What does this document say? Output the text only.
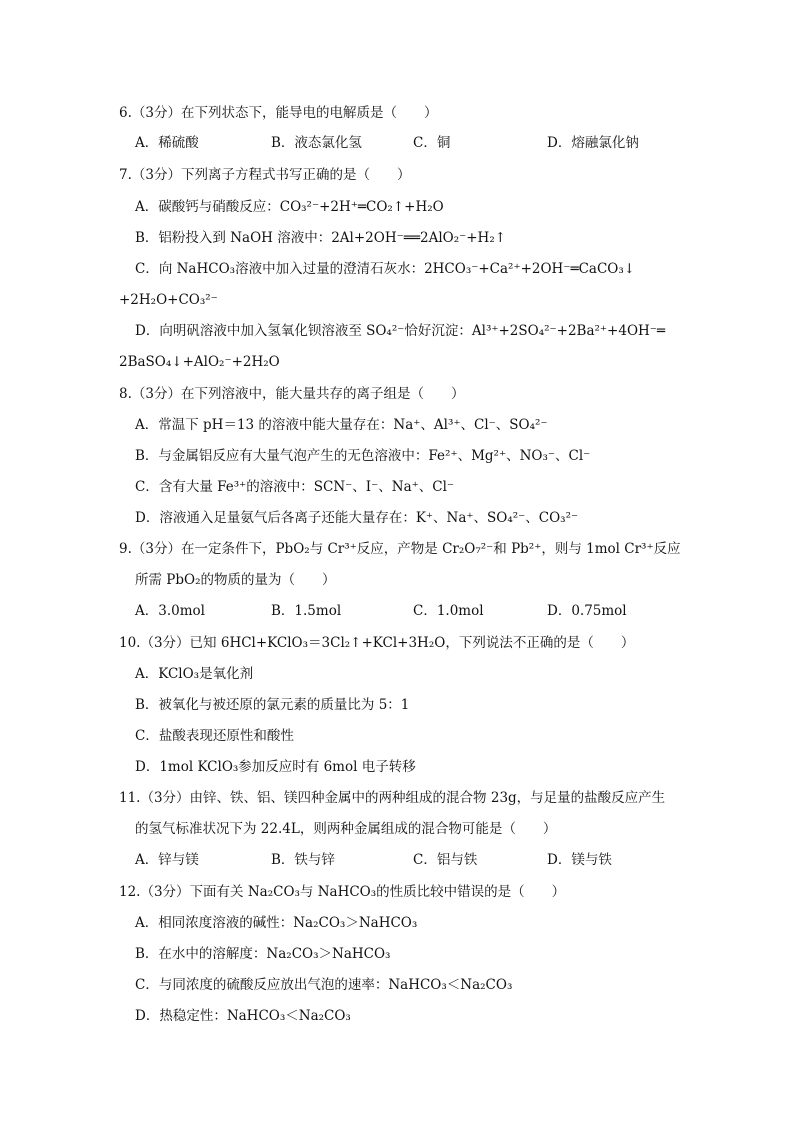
6.（3分）在下列状态下，能导电的电解质是（　　）
A．稀硫酸	B．液态氯化氢	C．铜	D．熔融氯化钠
7.（3分）下列离子方程式书写正确的是（　　）
A．碳酸钙与硝酸反应：CO₃²⁻+2H⁺═CO₂↑+H₂O
B．铝粉投入到 NaOH 溶液中：2Al+2OH⁻══2AlO₂⁻+H₂↑
C．向 NaHCO₃溶液中加入过量的澄清石灰水：2HCO₃⁻+Ca²⁺+2OH⁻═CaCO₃↓
+2H₂O+CO₃²⁻
D．向明矾溶液中加入氢氧化钡溶液至 SO₄²⁻恰好沉淀：Al³⁺+2SO₄²⁻+2Ba²⁺+4OH⁻═
2BaSO₄↓+AlO₂⁻+2H₂O
8.（3分）在下列溶液中，能大量共存的离子组是（　　）
A．常温下 pH＝13 的溶液中能大量存在：Na⁺、Al³⁺、Cl⁻、SO₄²⁻
B．与金属铝反应有大量气泡产生的无色溶液中：Fe²⁺、Mg²⁺、NO₃⁻、Cl⁻
C．含有大量 Fe³⁺的溶液中：SCN⁻、I⁻、Na⁺、Cl⁻
D．溶液通入足量氨气后各离子还能大量存在：K⁺、Na⁺、SO₄²⁻、CO₃²⁻
9.（3分）在一定条件下，PbO₂与 Cr³⁺反应，产物是 Cr₂O₇²⁻和 Pb²⁺，则与 1mol Cr³⁺反应
所需 PbO₂的物质的量为（　　）
A．3.0mol	B．1.5mol	C．1.0mol	D．0.75mol
10.（3分）已知 6HCl+KClO₃＝3Cl₂↑+KCl+3H₂O，下列说法不正确的是（　　）
A．KClO₃是氧化剂
B．被氧化与被还原的氯元素的质量比为 5：1
C．盐酸表现还原性和酸性
D．1mol KClO₃参加反应时有 6mol 电子转移
11.（3分）由锌、铁、铝、镁四种金属中的两种组成的混合物 23g，与足量的盐酸反应产生
的氢气标准状况下为 22.4L，则两种金属组成的混合物可能是（　　）
A．锌与镁	B．铁与锌	C．铝与铁	D．镁与铁
12.（3分）下面有关 Na₂CO₃与 NaHCO₃的性质比较中错误的是（　　）
A．相同浓度溶液的碱性：Na₂CO₃＞NaHCO₃
B．在水中的溶解度：Na₂CO₃＞NaHCO₃
C．与同浓度的硫酸反应放出气泡的速率：NaHCO₃＜Na₂CO₃
D．热稳定性：NaHCO₃＜Na₂CO₃
